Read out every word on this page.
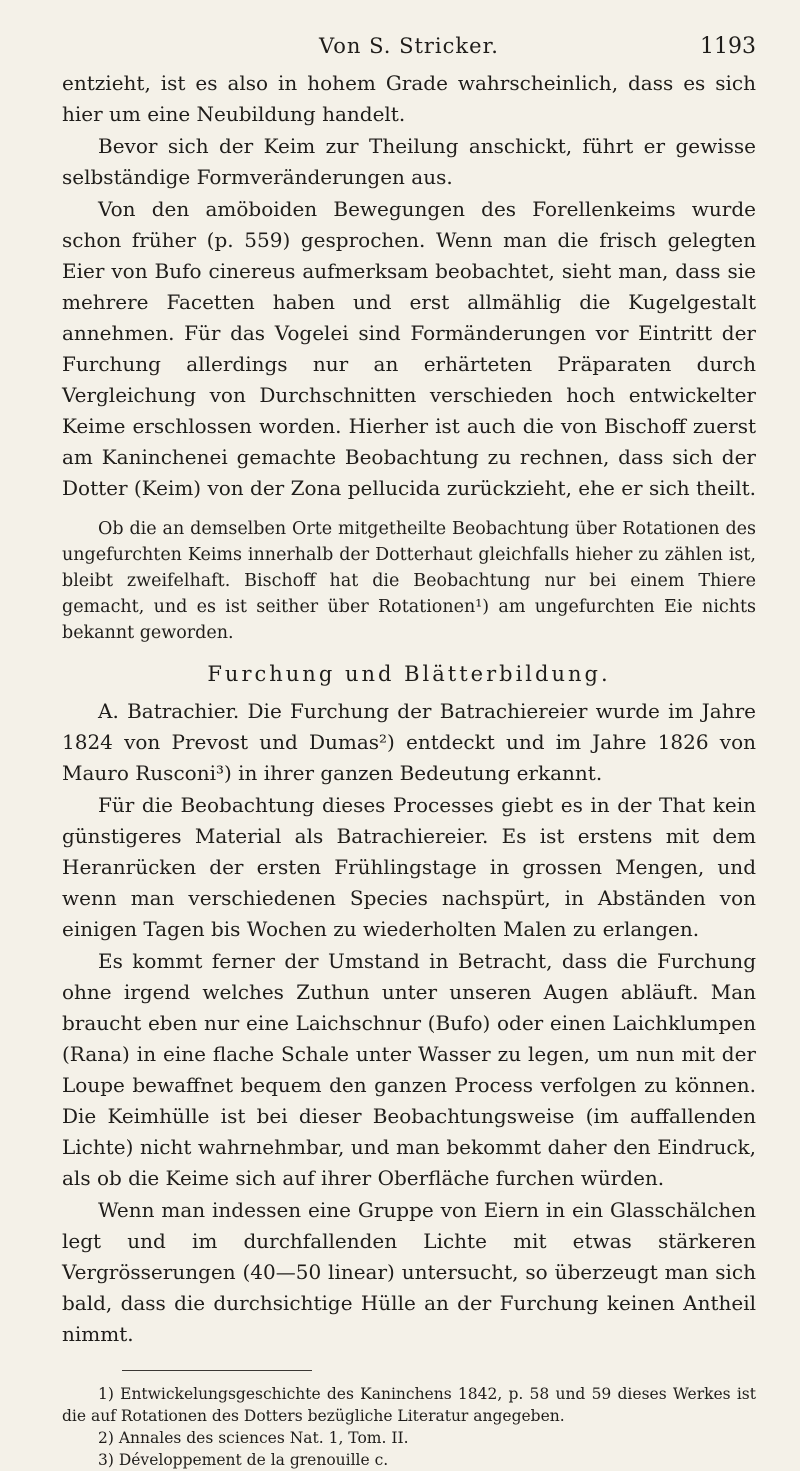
Von S. Stricker.	1193

entzieht, ist es also in hohem Grade wahrscheinlich, dass es sich hier um eine Neubildung handelt.

Bevor sich der Keim zur Theilung anschickt, führt er gewisse selbständige Formveränderungen aus.

Von den amöboiden Bewegungen des Forellenkeims wurde schon früher (p. 559) gesprochen. Wenn man die frisch gelegten Eier von Bufo cinereus aufmerksam beobachtet, sieht man, dass sie mehrere Facetten haben und erst allmählig die Kugelgestalt annehmen. Für das Vogelei sind Formänderungen vor Eintritt der Furchung allerdings nur an erhärteten Präparaten durch Vergleichung von Durchschnitten verschieden hoch entwickelter Keime erschlossen worden. Hierher ist auch die von Bischoff zuerst am Kaninchenei gemachte Beobachtung zu rechnen, dass sich der Dotter (Keim) von der Zona pellucida zurückzieht, ehe er sich theilt.

Ob die an demselben Orte mitgetheilte Beobachtung über Rotationen des ungefurchten Keims innerhalb der Dotterhaut gleichfalls hieher zu zählen ist, bleibt zweifelhaft. Bischoff hat die Beobachtung nur bei einem Thiere gemacht, und es ist seither über Rotationen¹) am ungefurchten Eie nichts bekannt geworden.

Furchung und Blätterbildung.

A. Batrachier. Die Furchung der Batrachiereier wurde im Jahre 1824 von Prevost und Dumas²) entdeckt und im Jahre 1826 von Mauro Rusconi³) in ihrer ganzen Bedeutung erkannt.

Für die Beobachtung dieses Processes giebt es in der That kein günstigeres Material als Batrachiereier. Es ist erstens mit dem Heranrücken der ersten Frühlingstage in grossen Mengen, und wenn man verschiedenen Species nachspürt, in Abständen von einigen Tagen bis Wochen zu wiederholten Malen zu erlangen.

Es kommt ferner der Umstand in Betracht, dass die Furchung ohne irgend welches Zuthun unter unseren Augen abläuft. Man braucht eben nur eine Laichschnur (Bufo) oder einen Laichklumpen (Rana) in eine flache Schale unter Wasser zu legen, um nun mit der Loupe bewaffnet bequem den ganzen Process verfolgen zu können. Die Keimhülle ist bei dieser Beobachtungsweise (im auffallenden Lichte) nicht wahrnehmbar, und man bekommt daher den Eindruck, als ob die Keime sich auf ihrer Oberfläche furchen würden.

Wenn man indessen eine Gruppe von Eiern in ein Glasschälchen legt und im durchfallenden Lichte mit etwas stärkeren Vergrösserungen (40—50 linear) untersucht, so überzeugt man sich bald, dass die durchsichtige Hülle an der Furchung keinen Antheil nimmt.

1) Entwickelungsgeschichte des Kaninchens 1842, p. 58 und 59 dieses Werkes ist die auf Rotationen des Dotters bezügliche Literatur angegeben.

2) Annales des sciences Nat. 1, Tom. II.

3) Développement de la grenouille c.
